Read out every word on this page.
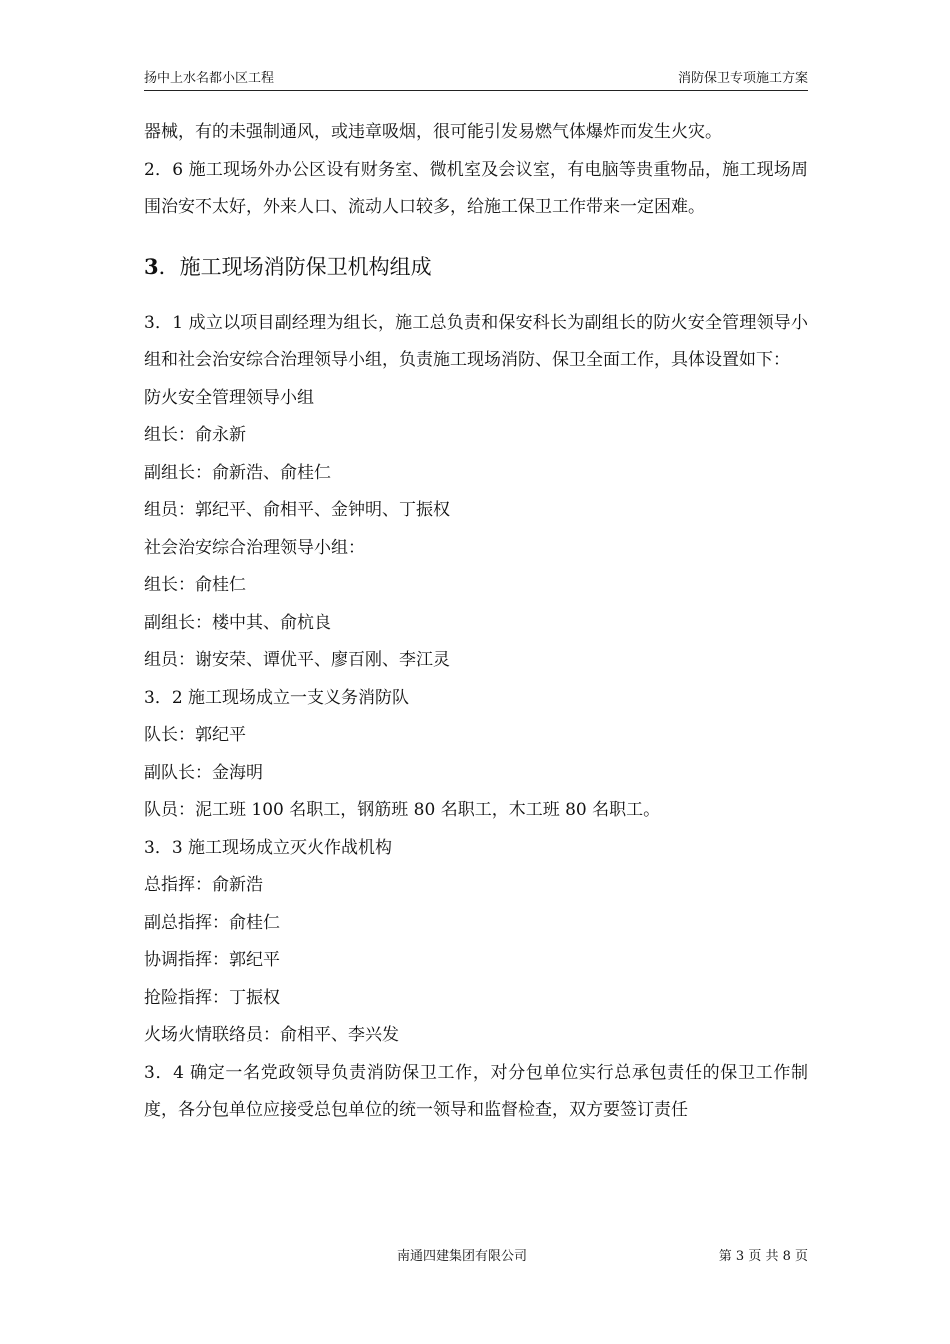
扬中上水名都小区工程	消防保卫专项施工方案

器械，有的未强制通风，或违章吸烟，很可能引发易燃气体爆炸而发生火灾。

2．6 施工现场外办公区设有财务室、微机室及会议室，有电脑等贵重物品，施工现场周围治安不太好，外来人口、流动人口较多，给施工保卫工作带来一定困难。

3．施工现场消防保卫机构组成

3．1 成立以项目副经理为组长，施工总负责和保安科长为副组长的防火安全管理领导小组和社会治安综合治理领导小组，负责施工现场消防、保卫全面工作，具体设置如下：

防火安全管理领导小组

组长：俞永新

副组长：俞新浩、俞桂仁

组员：郭纪平、俞相平、金钟明、丁振权

社会治安综合治理领导小组：

组长：俞桂仁

副组长：楼中其、俞杭良

组员：谢安荣、谭优平、廖百刚、李江灵

3．2 施工现场成立一支义务消防队

队长：郭纪平

副队长：金海明

队员：泥工班 100 名职工，钢筋班 80 名职工，木工班 80 名职工。

3．3 施工现场成立灭火作战机构

总指挥：俞新浩

副总指挥：俞桂仁

协调指挥：郭纪平

抢险指挥：丁振权

火场火情联络员：俞相平、李兴发

3．4 确定一名党政领导负责消防保卫工作，对分包单位实行总承包责任的保卫工作制度，各分包单位应接受总包单位的统一领导和监督检查，双方要签订责任

南通四建集团有限公司	第 3 页 共 8 页
